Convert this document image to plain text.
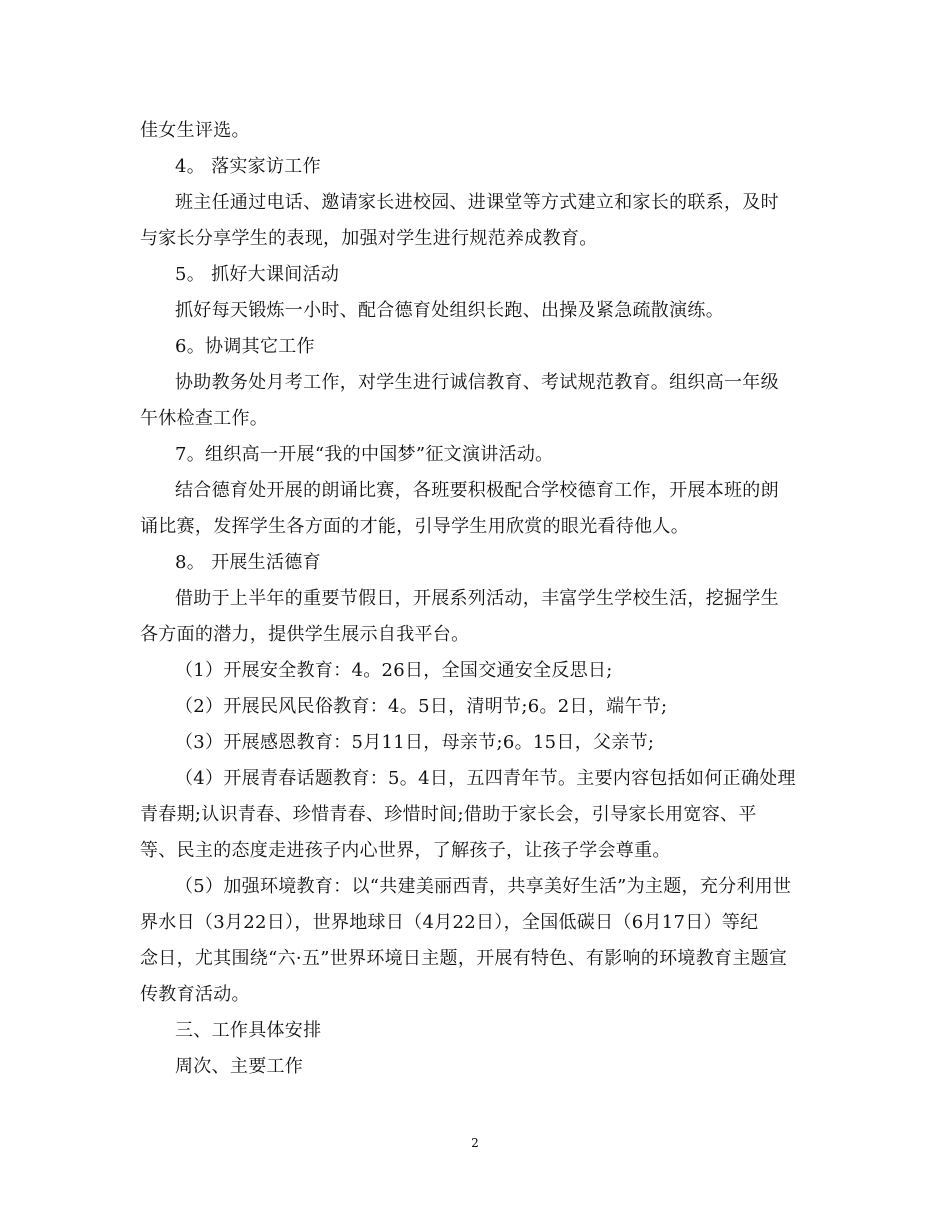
佳女生评选。
4。 落实家访工作
班主任通过电话、邀请家长进校园、进课堂等方式建立和家长的联系，及时
与家长分享学生的表现，加强对学生进行规范养成教育。
5。 抓好大课间活动
抓好每天锻炼一小时、配合德育处组织长跑、出操及紧急疏散演练。
6。协调其它工作
协助教务处月考工作，对学生进行诚信教育、考试规范教育。组织高一年级
午休检查工作。
7。组织高一开展“我的中国梦”征文演讲活动。
结合德育处开展的朗诵比赛，各班要积极配合学校德育工作，开展本班的朗
诵比赛，发挥学生各方面的才能，引导学生用欣赏的眼光看待他人。
8。 开展生活德育
借助于上半年的重要节假日，开展系列活动，丰富学生学校生活，挖掘学生
各方面的潜力，提供学生展示自我平台。
（1）开展安全教育：4。26日，全国交通安全反思日;
（2）开展民风民俗教育：4。5日，清明节;6。2日，端午节;
（3）开展感恩教育：5月11日，母亲节;6。15日，父亲节;
（4）开展青春话题教育：5。4日，五四青年节。主要内容包括如何正确处理
青春期;认识青春、珍惜青春、珍惜时间;借助于家长会，引导家长用宽容、平
等、民主的态度走进孩子内心世界，了解孩子，让孩子学会尊重。
（5）加强环境教育：以“共建美丽西青，共享美好生活”为主题，充分利用世
界水日（3月22日），世界地球日（4月22日），全国低碳日（6月17日）等纪
念日，尤其围绕“六·五”世界环境日主题，开展有特色、有影响的环境教育主题宣
传教育活动。
三、工作具体安排
周次、主要工作
2
